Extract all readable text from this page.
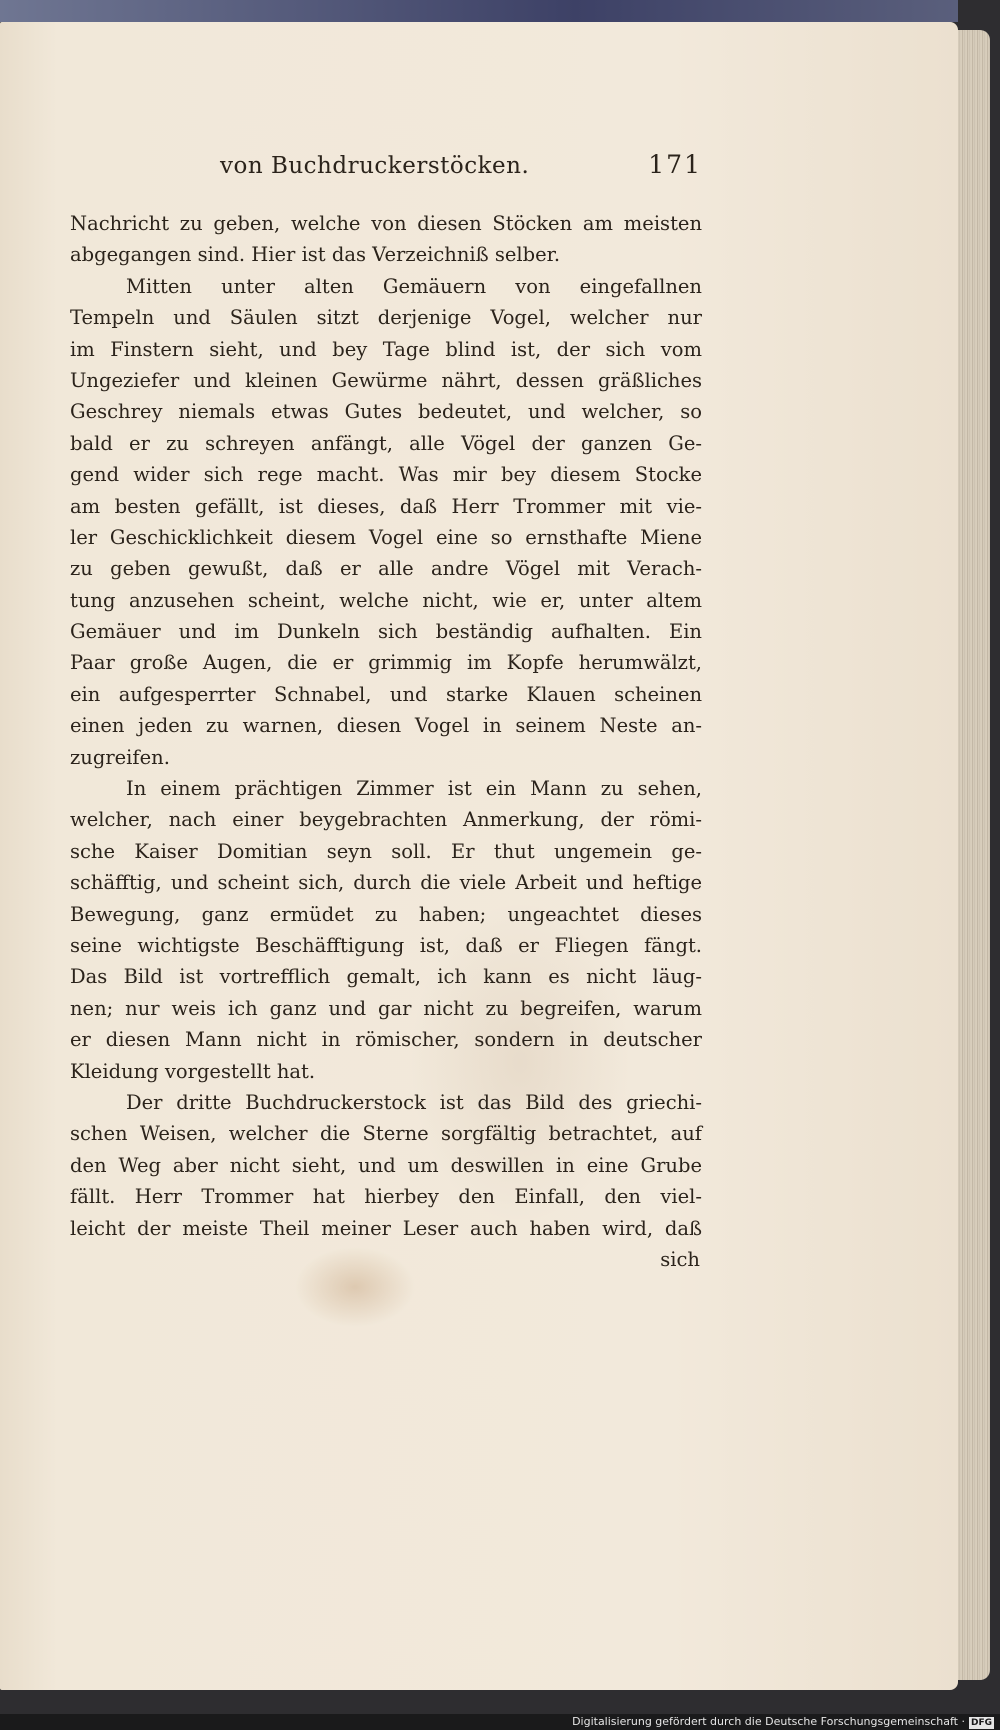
von Buchdruckerstöcken.	171
Nachricht zu geben, welche von diesen Stöcken am meisten
abgegangen sind. Hier ist das Verzeichniß selber.
Mitten unter alten Gemäuern von eingefallnen
Tempeln und Säulen sitzt derjenige Vogel, welcher nur
im Finstern sieht, und bey Tage blind ist, der sich vom
Ungeziefer und kleinen Gewürme nährt, dessen gräßliches
Geschrey niemals etwas Gutes bedeutet, und welcher, so
bald er zu schreyen anfängt, alle Vögel der ganzen Ge-
gend wider sich rege macht. Was mir bey diesem Stocke
am besten gefällt, ist dieses, daß Herr Trommer mit vie-
ler Geschicklichkeit diesem Vogel eine so ernsthafte Miene
zu geben gewußt, daß er alle andre Vögel mit Verach-
tung anzusehen scheint, welche nicht, wie er, unter altem
Gemäuer und im Dunkeln sich beständig aufhalten. Ein
Paar große Augen, die er grimmig im Kopfe herumwälzt,
ein aufgesperrter Schnabel, und starke Klauen scheinen
einen jeden zu warnen, diesen Vogel in seinem Neste an-
zugreifen.
In einem prächtigen Zimmer ist ein Mann zu sehen,
welcher, nach einer beygebrachten Anmerkung, der römi-
sche Kaiser Domitian seyn soll. Er thut ungemein ge-
schäfftig, und scheint sich, durch die viele Arbeit und heftige
Bewegung, ganz ermüdet zu haben; ungeachtet dieses
seine wichtigste Beschäfftigung ist, daß er Fliegen fängt.
Das Bild ist vortrefflich gemalt, ich kann es nicht läug-
nen; nur weis ich ganz und gar nicht zu begreifen, warum
er diesen Mann nicht in römischer, sondern in deutscher
Kleidung vorgestellt hat.
Der dritte Buchdruckerstock ist das Bild des griechi-
schen Weisen, welcher die Sterne sorgfältig betrachtet, auf
den Weg aber nicht sieht, und um deswillen in eine Grube
fällt. Herr Trommer hat hierbey den Einfall, den viel-
leicht der meiste Theil meiner Leser auch haben wird, daß
sich
Digitalisierung gefördert durch die Deutsche Forschungsgemeinschaft · DFG
